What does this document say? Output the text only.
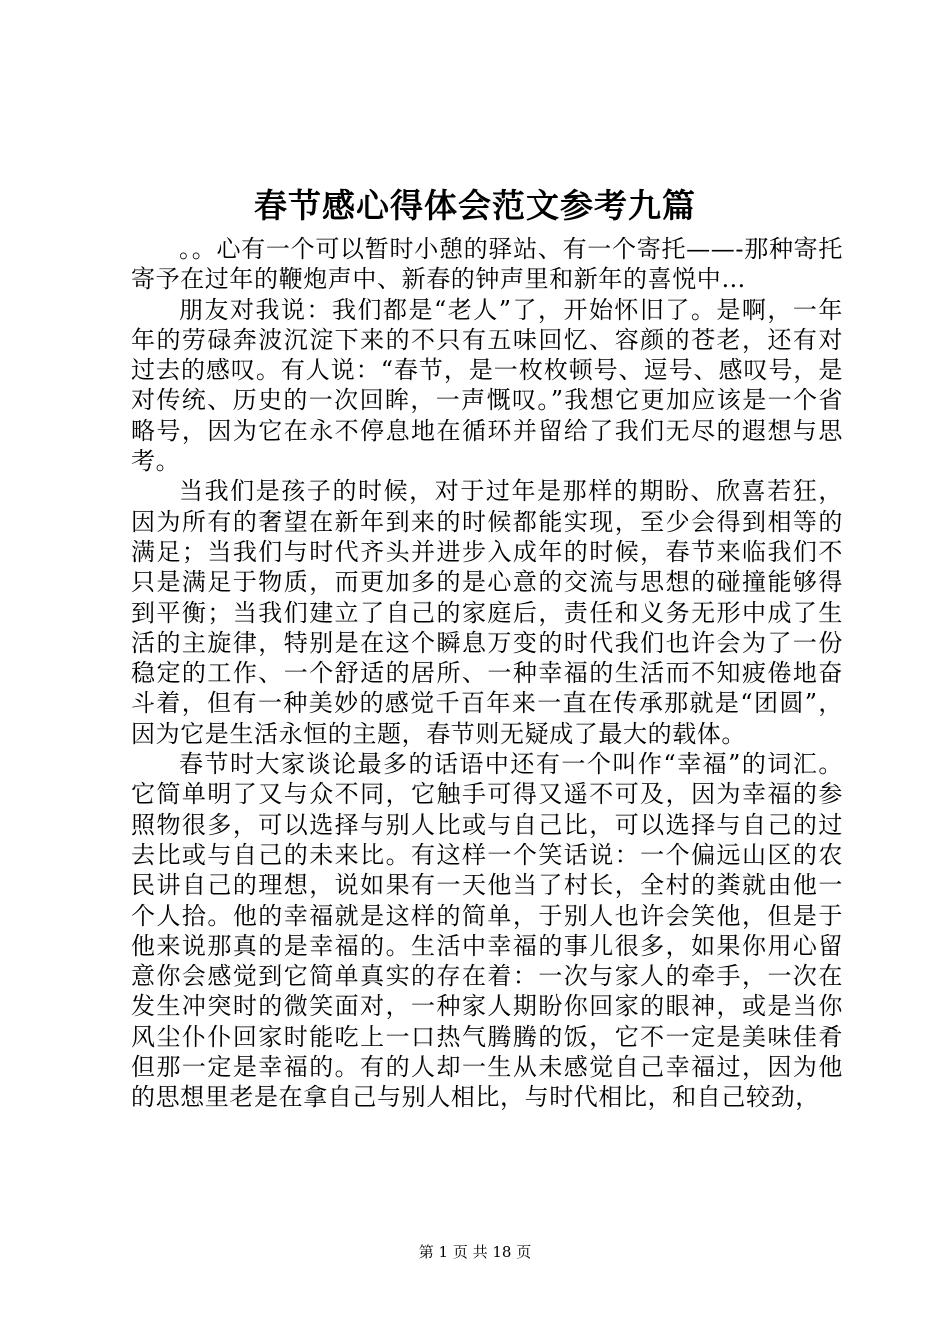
春节感心得体会范文参考九篇

。。心有一个可以暂时小憩的驿站、有一个寄托——-那种寄托寄予在过年的鞭炮声中、新春的钟声里和新年的喜悦中…

朋友对我说：我们都是“老人”了，开始怀旧了。是啊，一年年的劳碌奔波沉淀下来的不只有五味回忆、容颜的苍老，还有对过去的感叹。有人说：“春节，是一枚枚顿号、逗号、感叹号，是对传统、历史的一次回眸，一声慨叹。”我想它更加应该是一个省略号，因为它在永不停息地在循环并留给了我们无尽的遐想与思考。

当我们是孩子的时候，对于过年是那样的期盼、欣喜若狂，因为所有的奢望在新年到来的时候都能实现，至少会得到相等的满足；当我们与时代齐头并进步入成年的时候，春节来临我们不只是满足于物质，而更加多的是心意的交流与思想的碰撞能够得到平衡；当我们建立了自己的家庭后，责任和义务无形中成了生活的主旋律，特别是在这个瞬息万变的时代我们也许会为了一份稳定的工作、一个舒适的居所、一种幸福的生活而不知疲倦地奋斗着，但有一种美妙的感觉千百年来一直在传承那就是“团圆”，因为它是生活永恒的主题，春节则无疑成了最大的载体。

春节时大家谈论最多的话语中还有一个叫作“幸福”的词汇。它简单明了又与众不同，它触手可得又遥不可及，因为幸福的参照物很多，可以选择与别人比或与自己比，可以选择与自己的过去比或与自己的未来比。有这样一个笑话说：一个偏远山区的农民讲自己的理想，说如果有一天他当了村长，全村的粪就由他一个人拾。他的幸福就是这样的简单，于别人也许会笑他，但是于他来说那真的是幸福的。生活中幸福的事儿很多，如果你用心留意你会感觉到它简单真实的存在着：一次与家人的牵手，一次在发生冲突时的微笑面对，一种家人期盼你回家的眼神，或是当你风尘仆仆回家时能吃上一口热气腾腾的饭，它不一定是美味佳肴但那一定是幸福的。有的人却一生从未感觉自己幸福过，因为他的思想里老是在拿自己与别人相比，与时代相比，和自己较劲，

第 1 页 共 18 页
